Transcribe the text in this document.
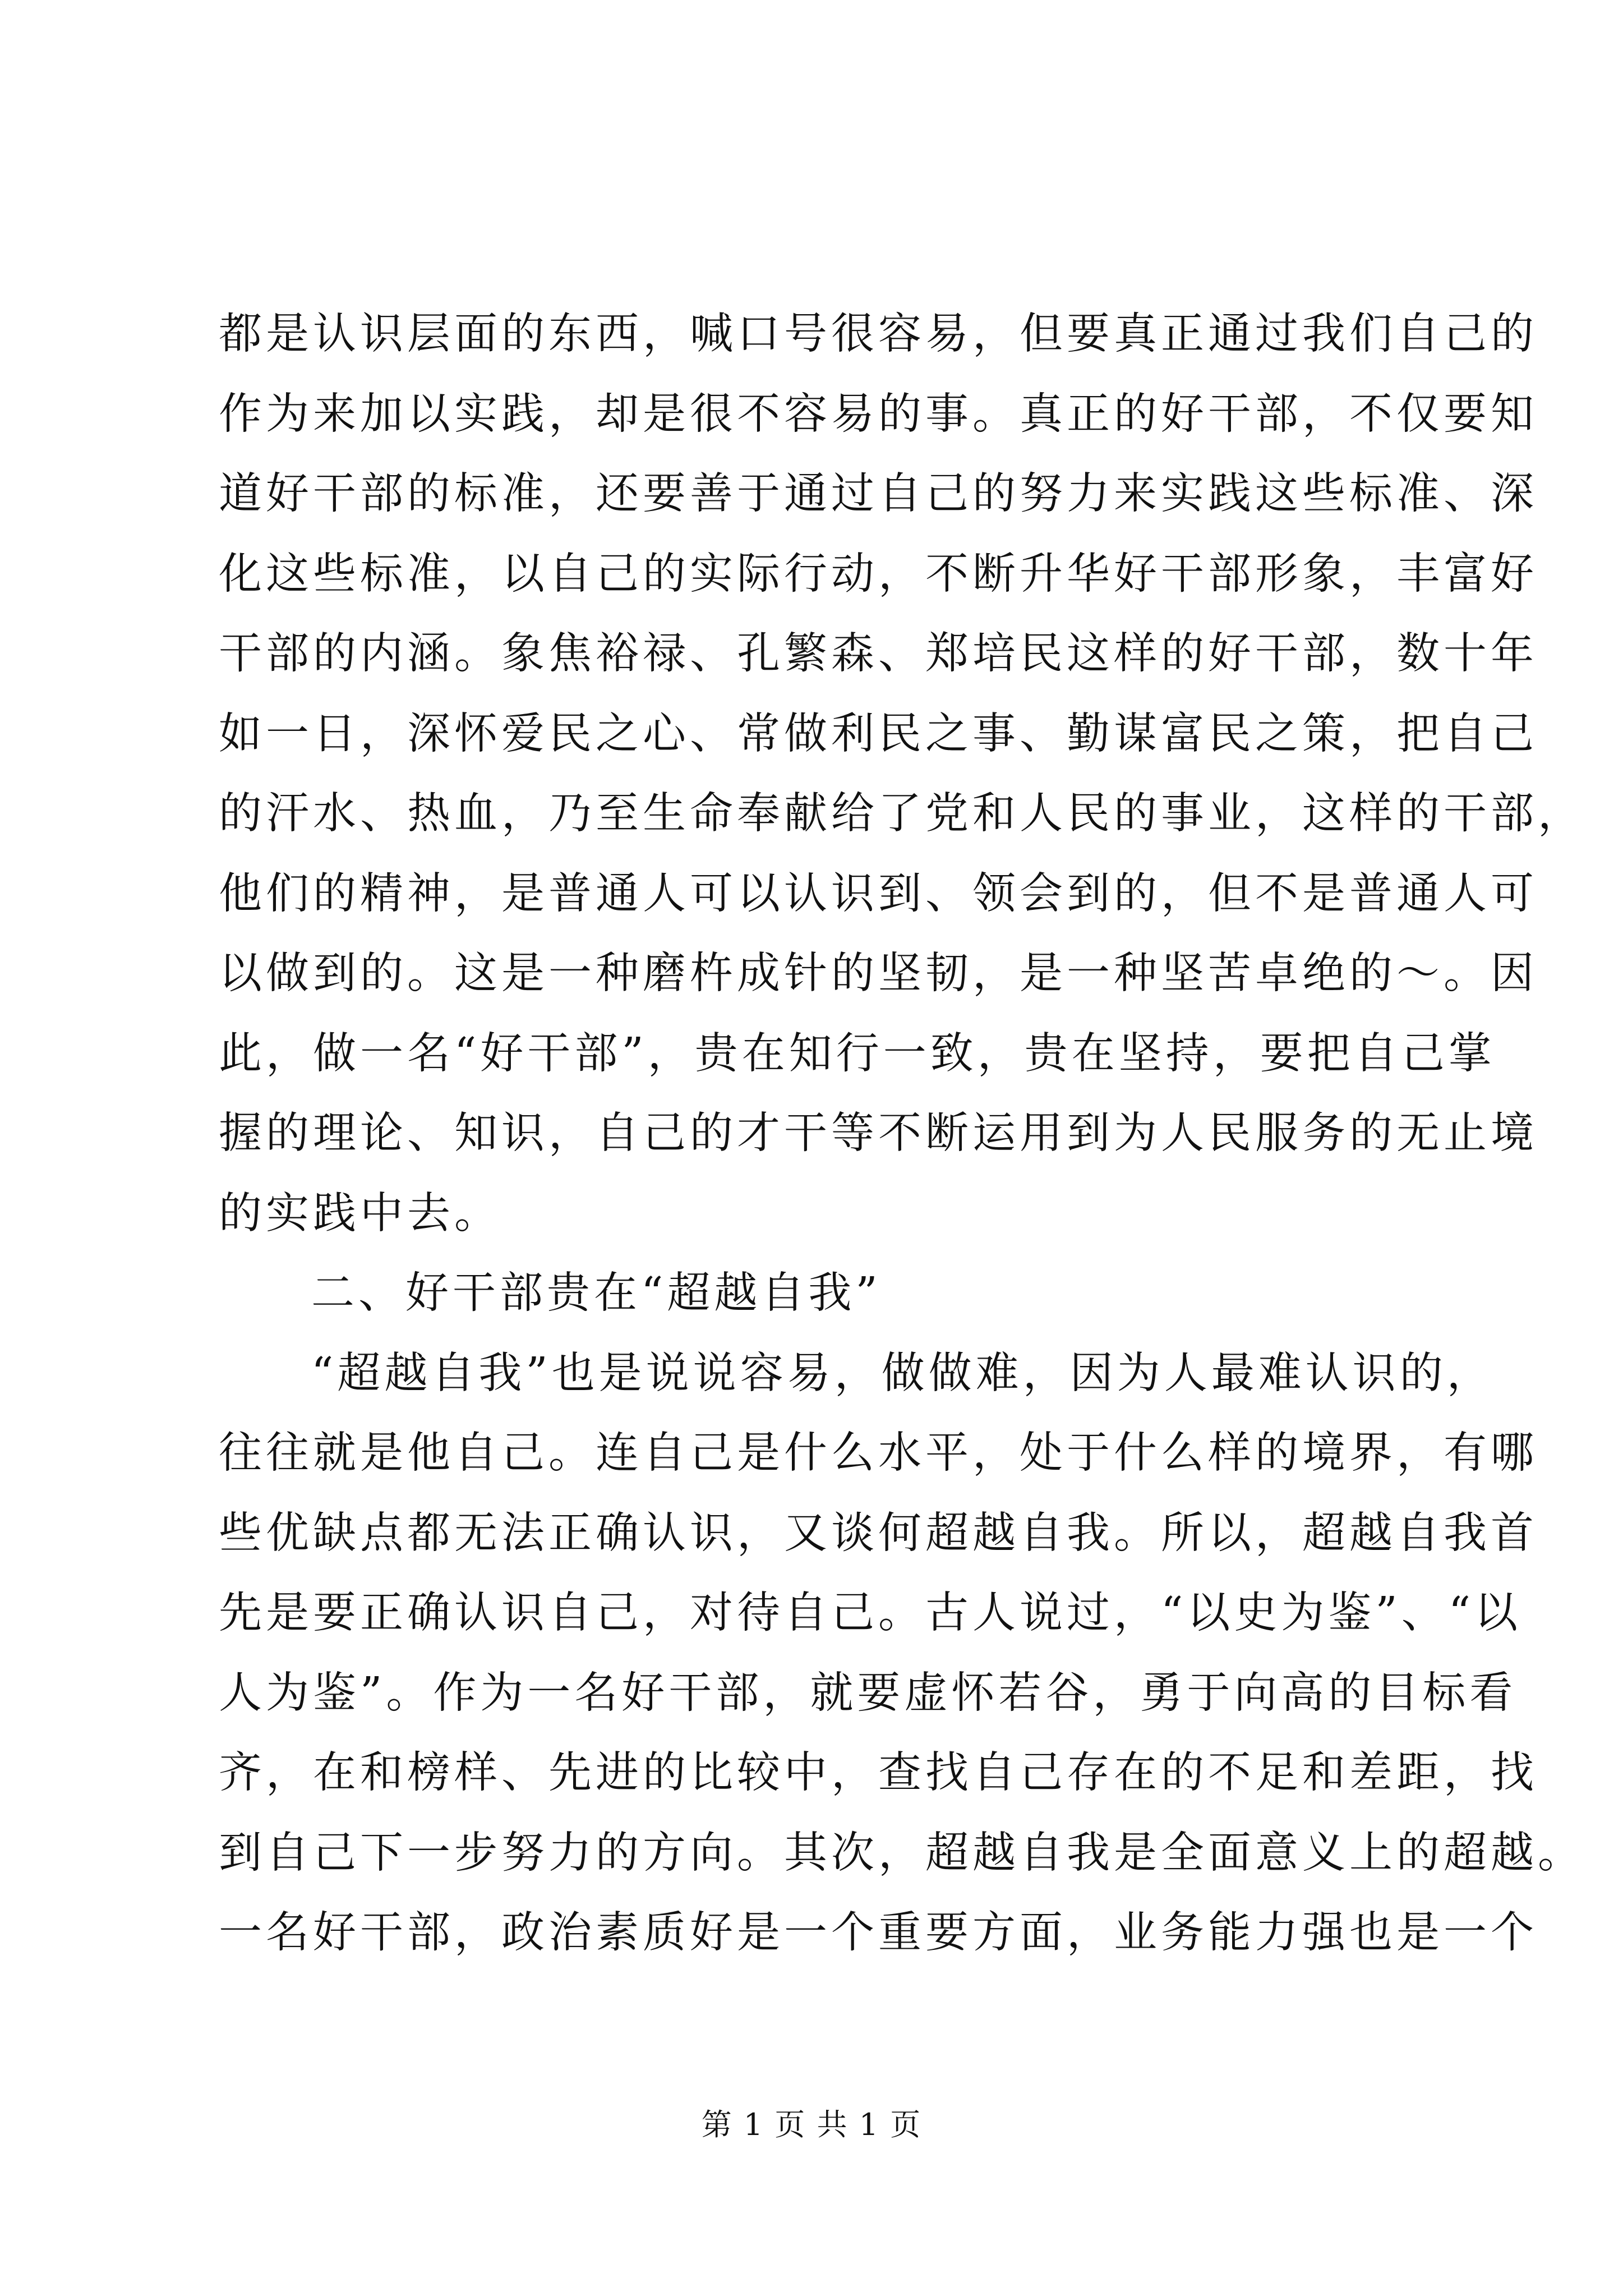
都是认识层面的东西，喊口号很容易，但要真正通过我们自己的
作为来加以实践，却是很不容易的事。真正的好干部，不仅要知
道好干部的标准，还要善于通过自己的努力来实践这些标准、深
化这些标准，以自己的实际行动，不断升华好干部形象，丰富好
干部的内涵。象焦裕禄、孔繁森、郑培民这样的好干部，数十年
如一日，深怀爱民之心、常做利民之事、勤谋富民之策，把自己
的汗水、热血，乃至生命奉献给了党和人民的事业，这样的干部，
他们的精神，是普通人可以认识到、领会到的，但不是普通人可
以做到的。这是一种磨杵成针的坚韧，是一种坚苦卓绝的～。因
此，做一名“好干部”，贵在知行一致，贵在坚持，要把自己掌
握的理论、知识，自己的才干等不断运用到为人民服务的无止境
的实践中去。
二、好干部贵在“超越自我”
“超越自我”也是说说容易，做做难，因为人最难认识的，
往往就是他自己。连自己是什么水平，处于什么样的境界，有哪
些优缺点都无法正确认识，又谈何超越自我。所以，超越自我首
先是要正确认识自己，对待自己。古人说过，“以史为鉴”、“以
人为鉴”。作为一名好干部，就要虚怀若谷，勇于向高的目标看
齐，在和榜样、先进的比较中，查找自己存在的不足和差距，找
到自己下一步努力的方向。其次，超越自我是全面意义上的超越。
一名好干部，政治素质好是一个重要方面，业务能力强也是一个
第 1 页 共 1 页
